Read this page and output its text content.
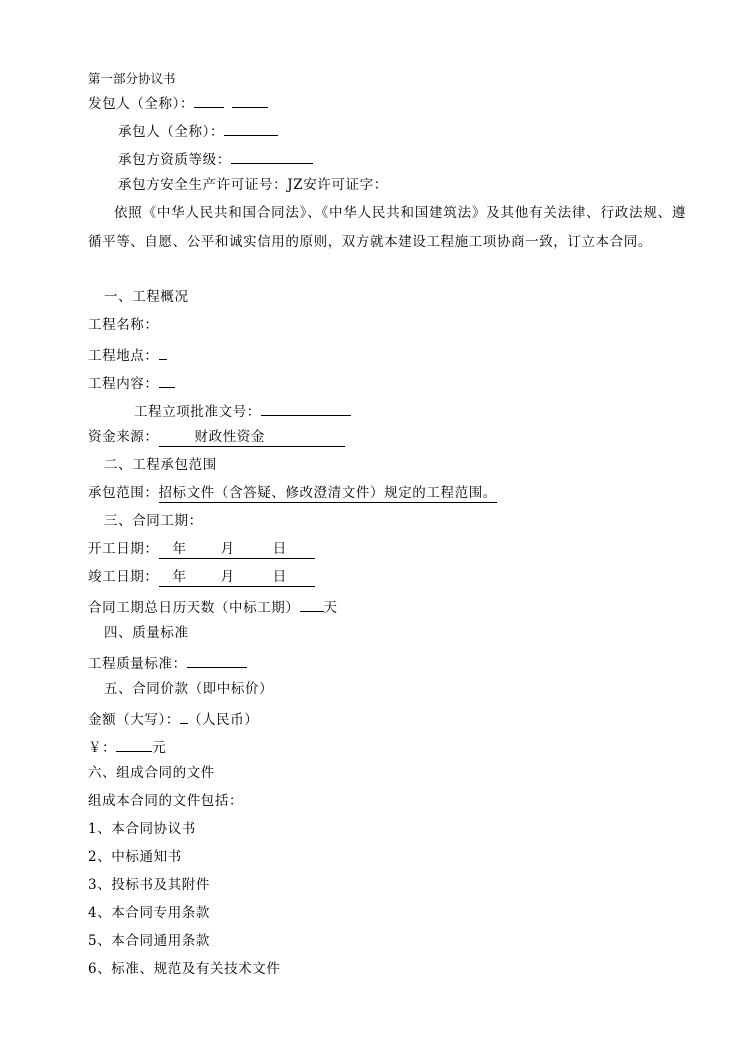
第一部分协议书
发包人（全称）：
承包人（全称）：
承包方资质等级：
承包方安全生产许可证号：JZ安许可证字：
依照《中华人民共和国合同法》、《中华人民共和国建筑法》及其他有关法律、行政法规、遵循平等、自愿、公平和诚实信用的原则，双方就本建设工程施工项协商一致，订立本合同。
一、工程概况
工程名称：
工程地点：
工程内容：
工程立项批准文号：
资金来源：	财政性资金
二、工程承包范围
承包范围：招标文件（含答疑、修改澄清文件）规定的工程范围。
三、合同工期：
开工日期： 年	月	日
竣工日期： 年	月	日
合同工期总日历天数（中标工期） 天
四、质量标准
工程质量标准：
五、合同价款（即中标价）
金额（大写）： （人民币）
￥：	元
六、组成合同的文件
组成本合同的文件包括：
1、本合同协议书
2、中标通知书
3、投标书及其附件
4、本合同专用条款
5、本合同通用条款
6、标准、规范及有关技术文件
